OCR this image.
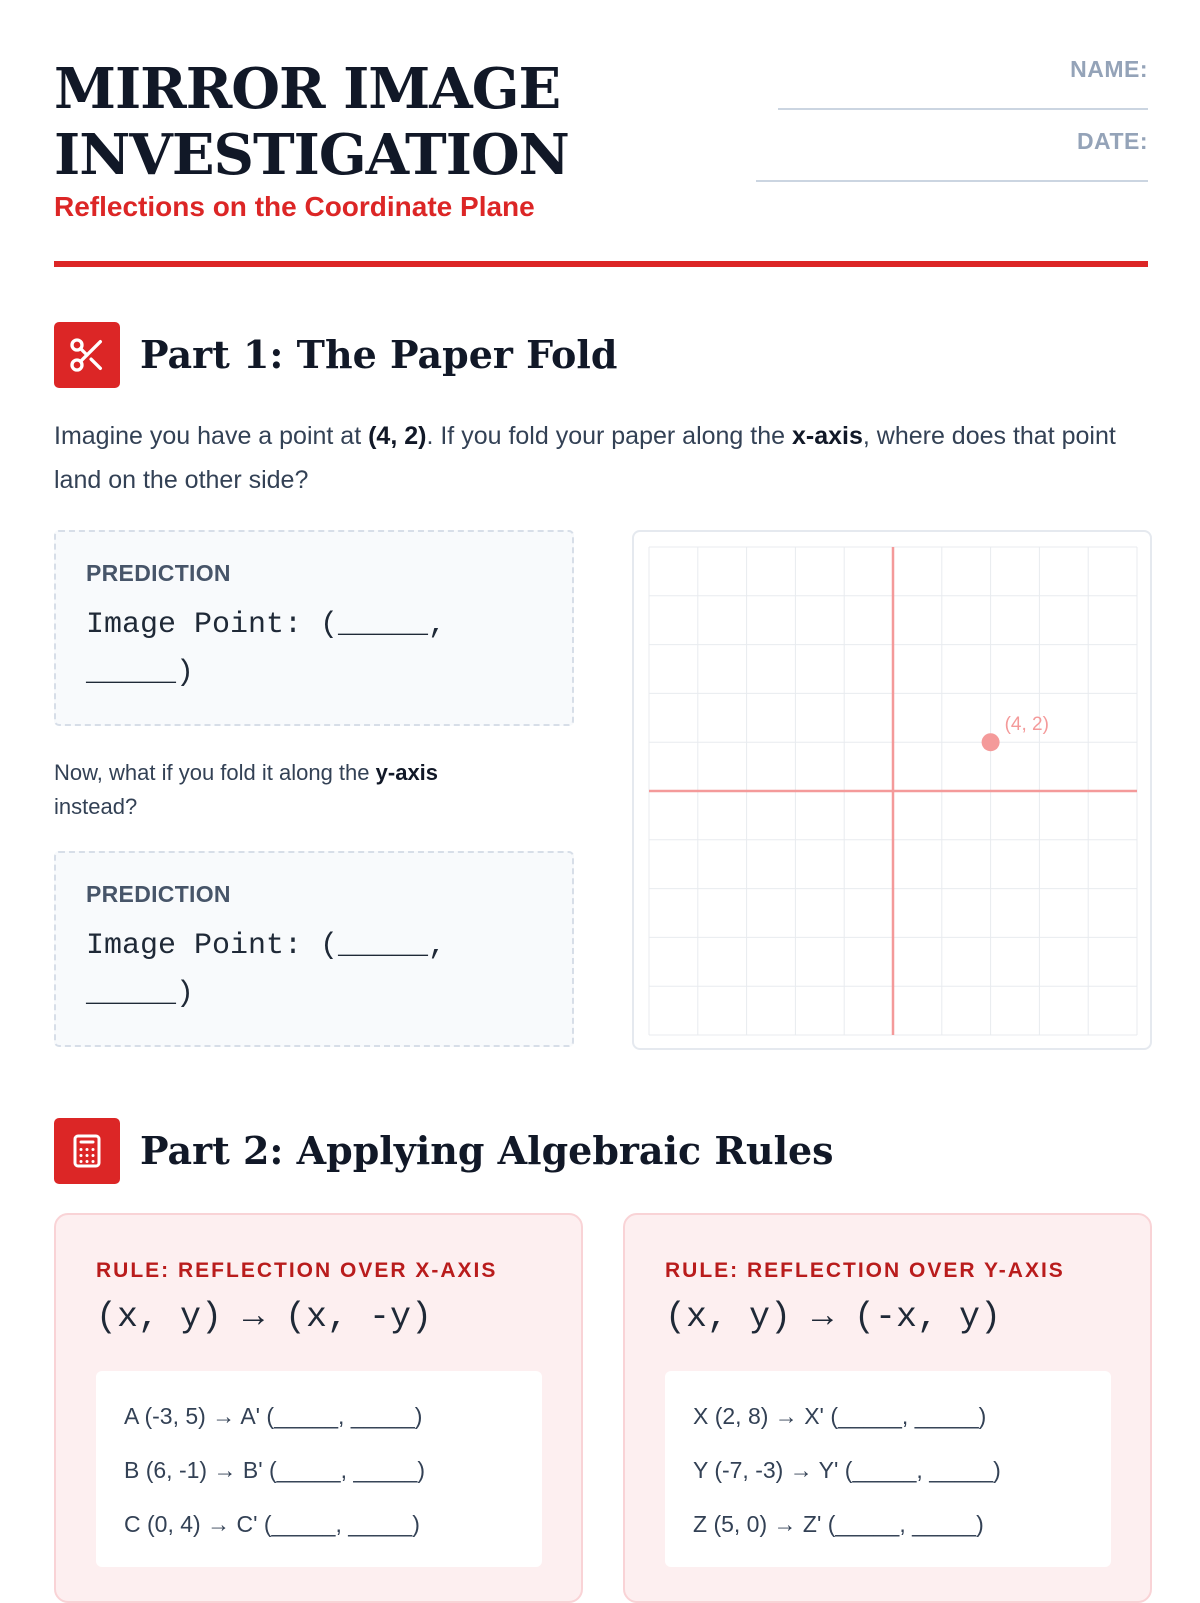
MIRROR IMAGE
INVESTIGATION
Reflections on the Coordinate Plane
NAME:
DATE:
Part 1: The Paper Fold
Imagine you have a point at (4, 2). If you fold your paper along the x-axis, where does that point land on the other side?
PREDICTION
Image Point: (_____, _____)
Now, what if you fold it along the y-axis instead?
PREDICTION
Image Point: (_____, _____)
(4, 2)
Part 2: Applying Algebraic Rules
RULE: REFLECTION OVER X-AXIS
(x, y) → (x, -y)
A (-3, 5) → A' (_____, _____)
B (6, -1) → B' (_____, _____)
C (0, 4) → C' (_____, _____)
RULE: REFLECTION OVER Y-AXIS
(x, y) → (-x, y)
X (2, 8) → X' (_____, _____)
Y (-7, -3) → Y' (_____, _____)
Z (5, 0) → Z' (_____, _____)
